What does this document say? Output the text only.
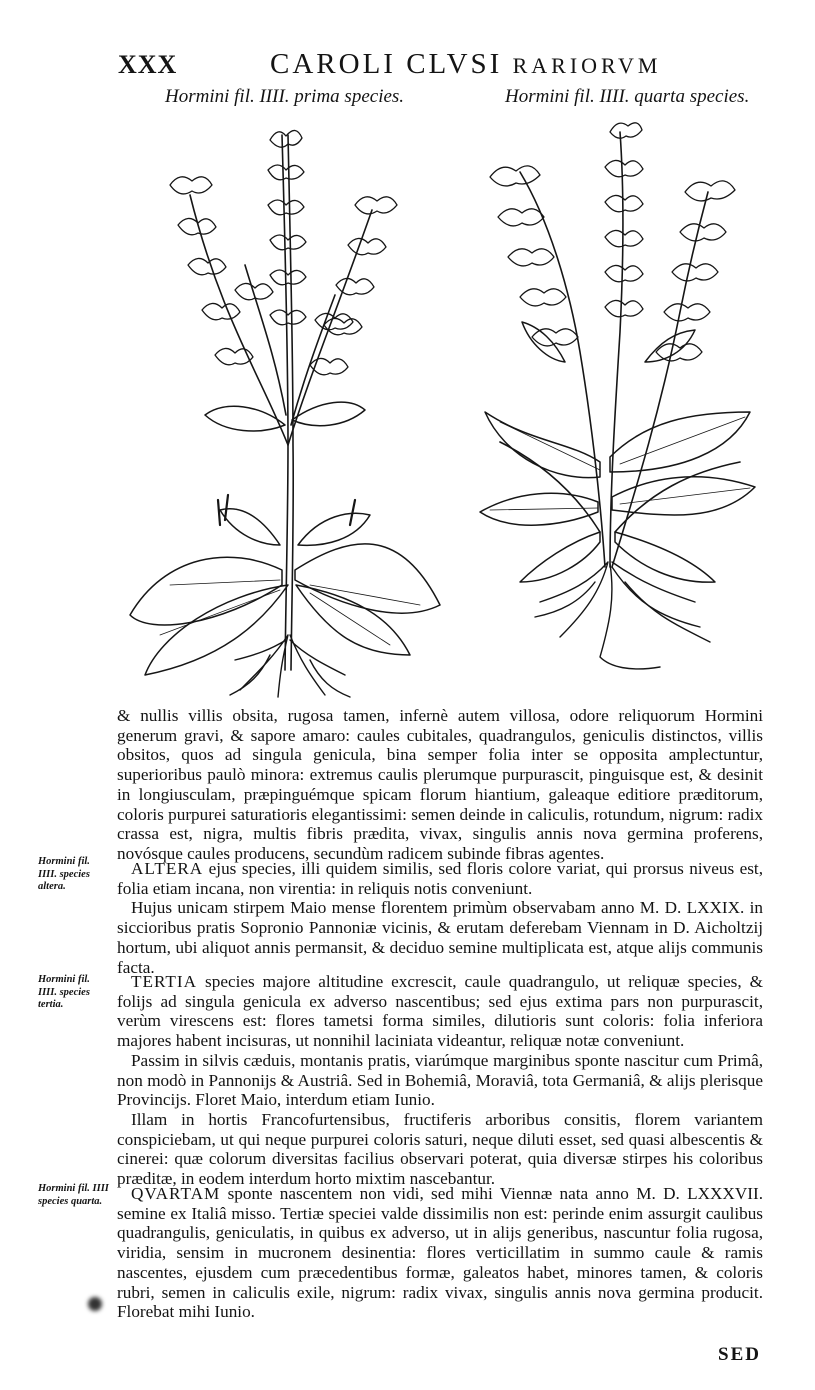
XXX	CAROLI CLVSI RARIORVM
Hormini fil. IIII. prima species.	Hormini fil. IIII. quarta species.

& nullis villis obsita, rugosa tamen, infernè autem villosa, odore reliquorum Hormini generum gravi, & sapore amaro: caules cubitales, quadrangulos, geniculis distinctos, villis obsitos, quos ad singula genicula, bina semper folia inter se opposita amplectuntur, superioribus paulò minora: extremus caulis plerumque purpurascit, pinguisque est, & desinit in longiusculam, præpinguémque spicam florum hiantium, galeaque editiore præditorum, coloris purpurei saturatioris elegantissimi: semen deinde in caliculis, rotundum, nigrum: radix crassa est, nigra, multis fibris prædita, vivax, singulis annis nova germina proferens, novósque caules producens, secundùm radicem subinde fibras agentes.

ALTERA ejus species, illi quidem similis, sed floris colore variat, qui prorsus niveus est, folia etiam incana, non virentia: in reliquis notis conveniunt.

Hujus unicam stirpem Maio mense florentem primùm observabam anno M. D. LXXIX. in siccioribus pratis Sopronio Pannoniæ vicinis, & erutam deferebam Viennam in D. Aicholtzij hortum, ubi aliquot annis permansit, & deciduo semine multiplicata est, atque alijs communis facta.

TERTIA species majore altitudine excrescit, caule quadrangulo, ut reliquæ species, & folijs ad singula genicula ex adverso nascentibus; sed ejus extima pars non purpurascit, verùm virescens est: flores tametsi forma similes, dilutioris sunt coloris: folia inferiora majores habent incisuras, ut nonnihil laciniata videantur, reliquæ notæ conveniunt.

Passim in silvis cæduis, montanis pratis, viarúmque marginibus sponte nascitur cum Primâ, non modò in Pannonijs & Austriâ. Sed in Bohemiâ, Moraviâ, tota Germaniâ, & alijs plerisque Provincijs. Floret Maio, interdum etiam Iunio.

Illam in hortis Francofurtensibus, fructiferis arboribus consitis, florem variantem conspiciebam, ut qui neque purpurei coloris saturi, neque diluti esset, sed quasi albescentis & cinerei: quæ colorum diversitas facilius observari poterat, quia diversæ stirpes his coloribus præditæ, in eodem interdum horto mixtim nascebantur.

QVARTAM sponte nascentem non vidi, sed mihi Viennæ nata anno M. D. LXXXVII. semine ex Italiâ misso. Tertiæ speciei valde dissimilis non est: perinde enim assurgit caulibus quadrangulis, geniculatis, in quibus ex adverso, ut in alijs generibus, nascuntur folia rugosa, viridia, sensim in mucronem desinentia: flores verticillatim in summo caule & ramis nascentes, ejusdem cum præcedentibus formæ, galeatos habet, minores tamen, & coloris rubri, semen in caliculis exile, nigrum: radix vivax, singulis annis nova germina producit. Florebat mihi Iunio.

Hormini fil. IIII. species altera.
Hormini fil. IIII. species tertia.
Hormini fil. IIII species quarta.
SED
